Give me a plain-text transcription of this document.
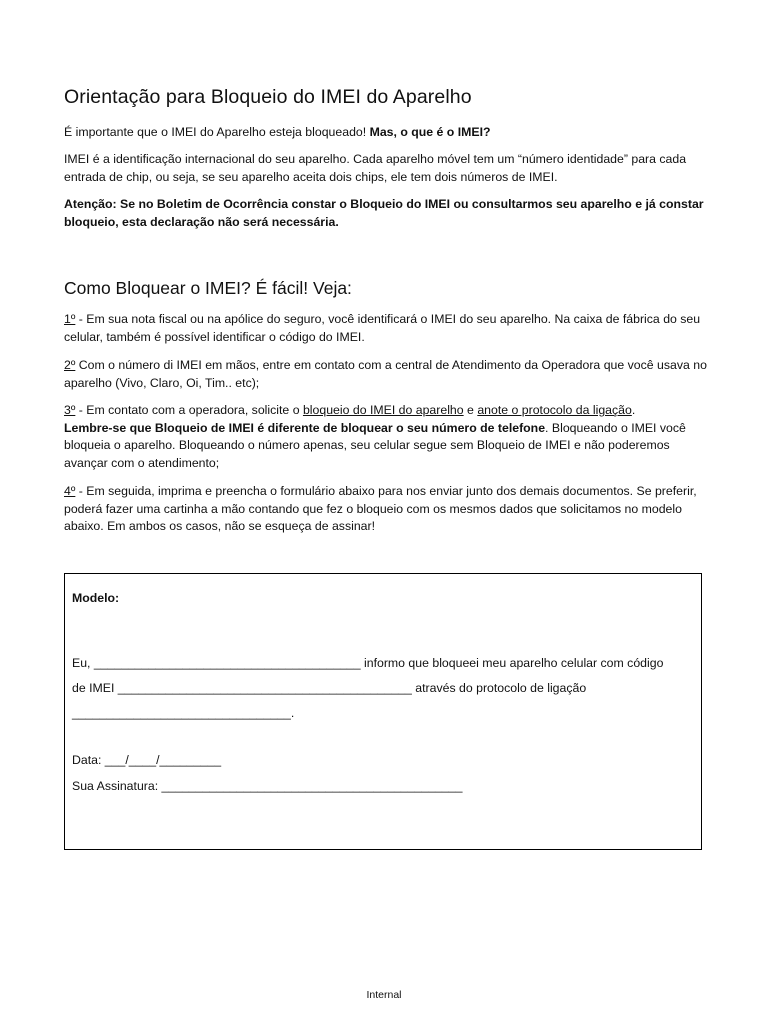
Orientação para Bloqueio do IMEI do Aparelho

É importante que o IMEI do Aparelho esteja bloqueado! Mas, o que é o IMEI?

IMEI é a identificação internacional do seu aparelho. Cada aparelho móvel tem um “número identidade” para cada entrada de chip, ou seja, se seu aparelho aceita dois chips, ele tem dois números de IMEI.

Atenção: Se no Boletim de Ocorrência constar o Bloqueio do IMEI ou consultarmos seu aparelho e já constar bloqueio, esta declaração não será necessária.

Como Bloquear o IMEI? É fácil! Veja:

1º - Em sua nota fiscal ou na apólice do seguro, você identificará o IMEI do seu aparelho. Na caixa de fábrica do seu celular, também é possível identificar o código do IMEI.

2º Com o número di IMEI em mãos, entre em contato com a central de Atendimento da Operadora que você usava no aparelho (Vivo, Claro, Oi, Tim.. etc);

3º - Em contato com a operadora, solicite o bloqueio do IMEI do aparelho e anote o protocolo da ligação.
Lembre-se que Bloqueio de IMEI é diferente de bloquear o seu número de telefone. Bloqueando o IMEI você bloqueia o aparelho. Bloqueando o número apenas, seu celular segue sem Bloqueio de IMEI e não poderemos avançar com o atendimento;

4º - Em seguida, imprima e preencha o formulário abaixo para nos enviar junto dos demais documentos. Se preferir, poderá fazer uma cartinha a mão contando que fez o bloqueio com os mesmos dados que solicitamos no modelo abaixo. Em ambos os casos, não se esqueça de assinar!

Modelo:

Eu, _______________________________________ informo que bloqueei meu aparelho celular com código

de IMEI ___________________________________________ através do protocolo de ligação

________________________________.

Data: ___/____/_________

Sua Assinatura: ____________________________________________

Internal
